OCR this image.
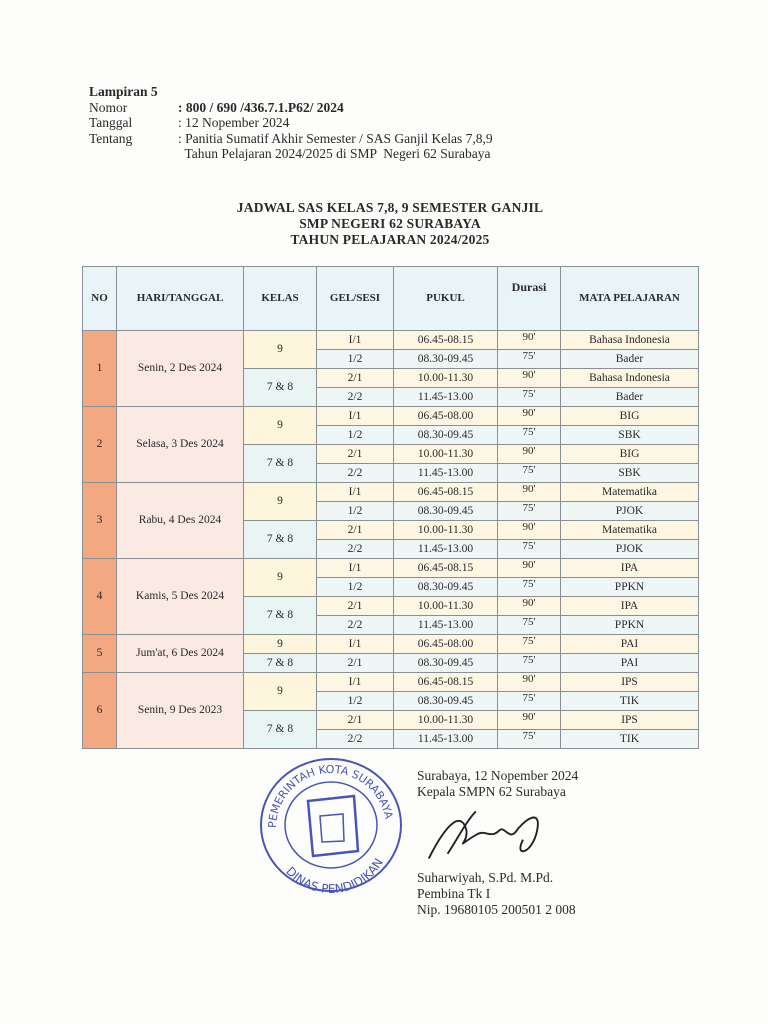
Lampiran 5
Nomor	: 800 / 690 /436.7.1.P62/ 2024
Tanggal	: 12 Nopember 2024
Tentang	: Panitia Sumatif Akhir Semester / SAS Ganjil Kelas 7,8,9
Tahun Pelajaran 2024/2025 di SMP  Negeri 62 Surabaya
JADWAL SAS KELAS 7,8, 9 SEMESTER GANJIL
SMP NEGERI 62 SURABAYA
TAHUN PELAJARAN 2024/2025
NO	HARI/TANGGAL	KELAS	GEL/SESI	PUKUL	Durasi	MATA PELAJARAN
1	Senin, 2 Des 2024	9	I/1	06.45-08.15	90'	Bahasa Indonesia
			1/2	08.30-09.45	75'	Bader
		7 & 8	2/1	10.00-11.30	90'	Bahasa Indonesia
			2/2	11.45-13.00	75'	Bader
2	Selasa, 3 Des 2024	9	I/1	06.45-08.00	90'	BIG
			1/2	08.30-09.45	75'	SBK
		7 & 8	2/1	10.00-11.30	90'	BIG
			2/2	11.45-13.00	75'	SBK
3	Rabu, 4 Des 2024	9	I/1	06.45-08.15	90'	Matematika
			1/2	08.30-09.45	75'	PJOK
		7 & 8	2/1	10.00-11.30	90'	Matematika
			2/2	11.45-13.00	75'	PJOK
4	Kamis, 5 Des 2024	9	I/1	06.45-08.15	90'	IPA
			1/2	08.30-09.45	75'	PPKN
		7 & 8	2/1	10.00-11.30	90'	IPA
			2/2	11.45-13.00	75'	PPKN
5	Jum'at, 6 Des 2024	9	I/1	06.45-08.00	75'	PAI
		7 & 8	2/1	08.30-09.45	75'	PAI
6	Senin, 9 Des 2023	9	I/1	06.45-08.15	90'	IPS
			1/2	08.30-09.45	75'	TIK
		7 & 8	2/1	10.00-11.30	90'	IPS
			2/2	11.45-13.00	75'	TIK
PEMERINTAH KOTA SURABAYA
DINAS PENDIDIKAN
Surabaya, 12 Nopember 2024
Kepala SMPN 62 Surabaya
Suharwiyah, S.Pd. M.Pd.
Pembina Tk I
Nip. 19680105 200501 2 008
